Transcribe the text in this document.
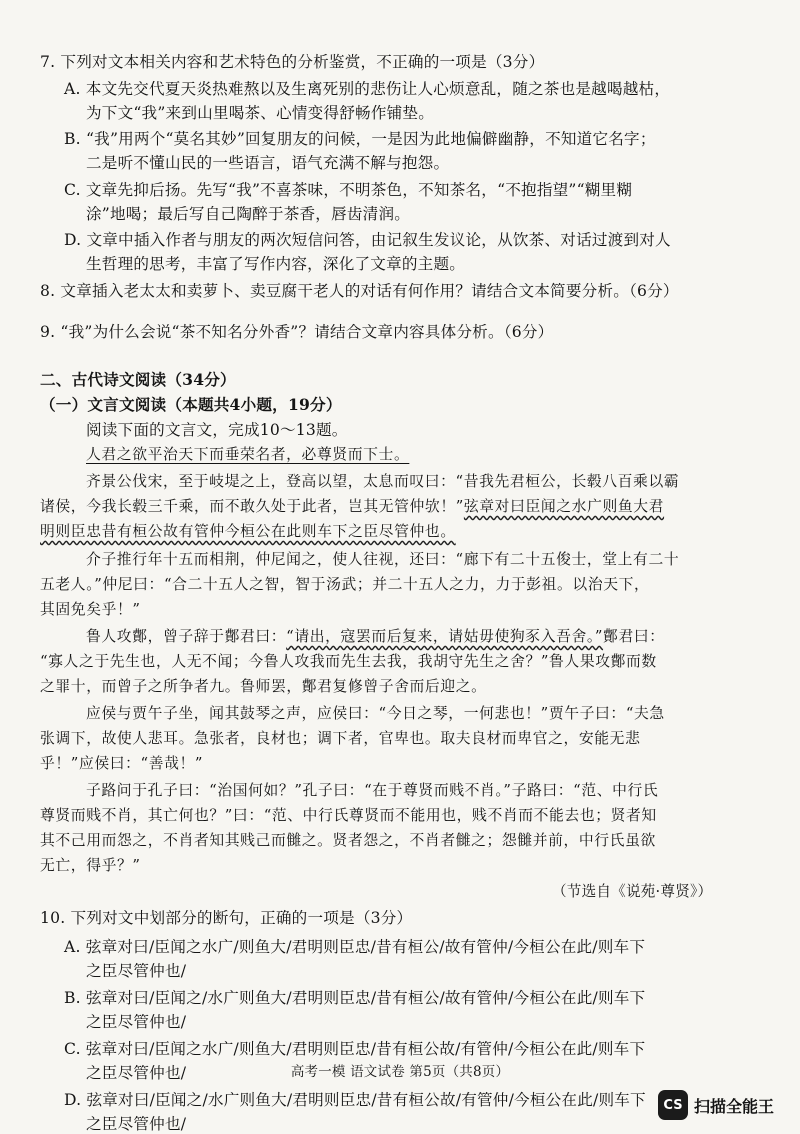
7. 下列对文本相关内容和艺术特色的分析鉴赏，不正确的一项是（3分）
A. 本文先交代夏天炎热难熬以及生离死别的悲伤让人心烦意乱，随之茶也是越喝越枯，
为下文“我”来到山里喝茶、心情变得舒畅作铺垫。
B. “我”用两个“莫名其妙”回复朋友的问候，一是因为此地偏僻幽静，不知道它名字；
二是听不懂山民的一些语言，语气充满不解与抱怨。
C. 文章先抑后扬。先写“我”不喜茶味，不明茶色，不知茶名，“不抱指望”“糊里糊
涂”地喝；最后写自己陶醉于茶香，唇齿清润。
D. 文章中插入作者与朋友的两次短信问答，由记叙生发议论，从饮茶、对话过渡到对人
生哲理的思考，丰富了写作内容，深化了文章的主题。
8. 文章插入老太太和卖萝卜、卖豆腐干老人的对话有何作用？请结合文本简要分析。（6分）
9. “我”为什么会说“茶不知名分外香”？请结合文章内容具体分析。（6分）
二、古代诗文阅读（34分）
（一）文言文阅读（本题共4小题，19分）
阅读下面的文言文，完成10～13题。
人君之欲平治天下而垂荣名者，必尊贤而下士。
齐景公伐宋，至于岐堤之上，登高以望，太息而叹曰：“昔我先君桓公，长毂八百乘以霸
诸侯，今我长毂三千乘，而不敢久处于此者，岂其无管仲欤！”弦章对曰臣闻之水广则鱼大君
明则臣忠昔有桓公故有管仲今桓公在此则车下之臣尽管仲也。
介子推行年十五而相荆，仲尼闻之，使人往视，还曰：“廊下有二十五俊士，堂上有二十
五老人。”仲尼曰：“合二十五人之智，智于汤武；并二十五人之力，力于彭祖。以治天下，
其固免矣乎！”
鲁人攻鄪，曾子辞于鄪君曰：“请出，寇罢而后复来，请姑毋使狗豕入吾舍。”鄪君曰：
“寡人之于先生也，人无不闻；今鲁人攻我而先生去我，我胡守先生之舍？”鲁人果攻鄪而数
之罪十，而曾子之所争者九。鲁师罢，鄪君复修曾子舍而后迎之。
应侯与贾午子坐，闻其鼓琴之声，应侯曰：“今日之琴，一何悲也！”贾午子曰：“夫急
张调下，故使人悲耳。急张者，良材也；调下者，官卑也。取夫良材而卑官之，安能无悲
乎！”应侯曰：“善哉！”
子路问于孔子曰：“治国何如？”孔子曰：“在于尊贤而贱不肖。”子路曰：“范、中行氏
尊贤而贱不肖，其亡何也？”曰：“范、中行氏尊贤而不能用也，贱不肖而不能去也；贤者知
其不己用而怨之，不肖者知其贱己而雠之。贤者怨之，不肖者雠之；怨雠并前，中行氏虽欲
无亡，得乎？”
（节选自《说苑·尊贤》）
10. 下列对文中划部分的断句，正确的一项是（3分）
A. 弦章对曰/臣闻之水广/则鱼大/君明则臣忠/昔有桓公/故有管仲/今桓公在此/则车下
之臣尽管仲也/
B. 弦章对曰/臣闻之/水广则鱼大/君明则臣忠/昔有桓公/故有管仲/今桓公在此/则车下
之臣尽管仲也/
C. 弦章对曰/臣闻之水广/则鱼大/君明则臣忠/昔有桓公故/有管仲/今桓公在此/则车下
之臣尽管仲也/
D. 弦章对曰/臣闻之/水广则鱼大/君明则臣忠/昔有桓公故/有管仲/今桓公在此/则车下
之臣尽管仲也/
高考一模 语文试卷 第5页（共8页）
CS 扫描全能王
